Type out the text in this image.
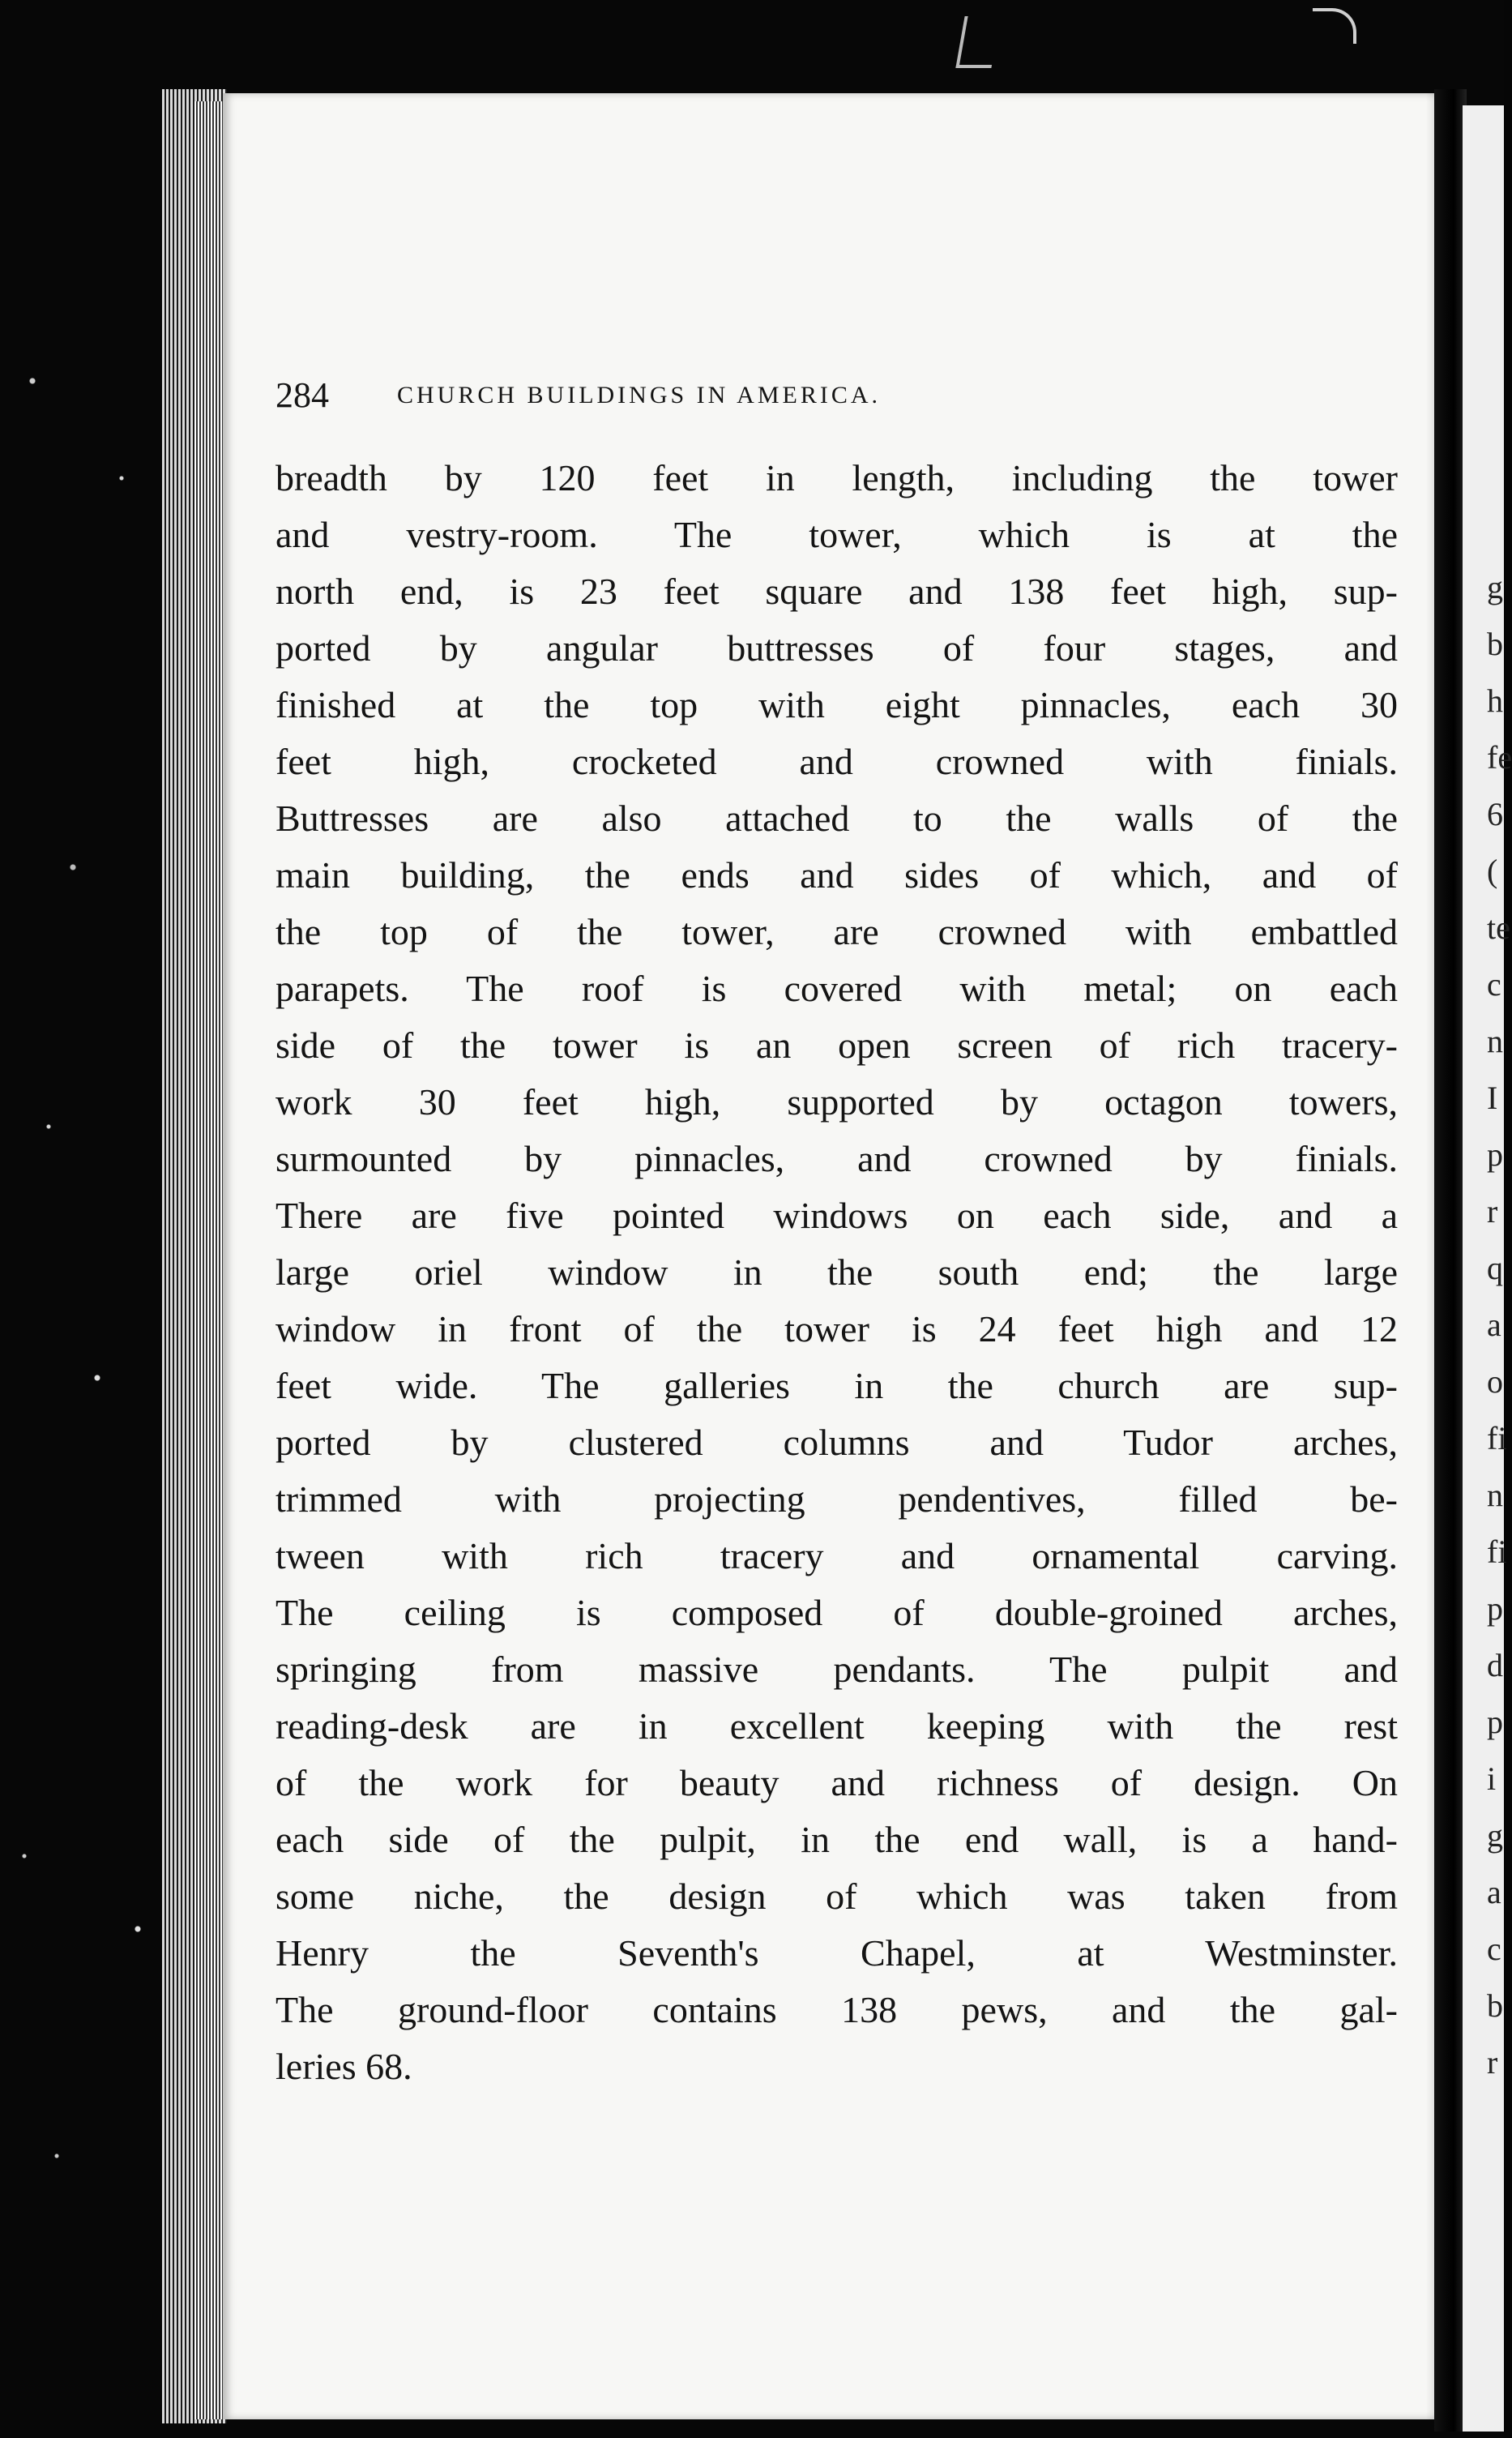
284	CHURCH BUILDINGS IN AMERICA.
breadth by 120 feet in length, including the tower
and vestry-room. The tower, which is at the
north end, is 23 feet square and 138 feet high, sup-
ported by angular buttresses of four stages, and
finished at the top with eight pinnacles, each 30
feet high, crocketed and crowned with finials.
Buttresses are also attached to the walls of the
main building, the ends and sides of which, and of
the top of the tower, are crowned with embattled
parapets. The roof is covered with metal; on each
side of the tower is an open screen of rich tracery-
work 30 feet high, supported by octagon towers,
surmounted by pinnacles, and crowned by finials.
There are five pointed windows on each side, and a
large oriel window in the south end; the large
window in front of the tower is 24 feet high and 12
feet wide. The galleries in the church are sup-
ported by clustered columns and Tudor arches,
trimmed with projecting pendentives, filled be-
tween with rich tracery and ornamental carving.
The ceiling is composed of double-groined arches,
springing from massive pendants. The pulpit and
reading-desk are in excellent keeping with the rest
of the work for beauty and richness of design. On
each side of the pulpit, in the end wall, is a hand-
some niche, the design of which was taken from
Henry the Seventh's Chapel, at Westminster.
The ground-floor contains 138 pews, and the gal-
leries 68.
g
b
h
fe
6
(
te
c
n
I
p
r
q
a
o
fi
n
fi
p
d
p
i
g
a
c
b
r
